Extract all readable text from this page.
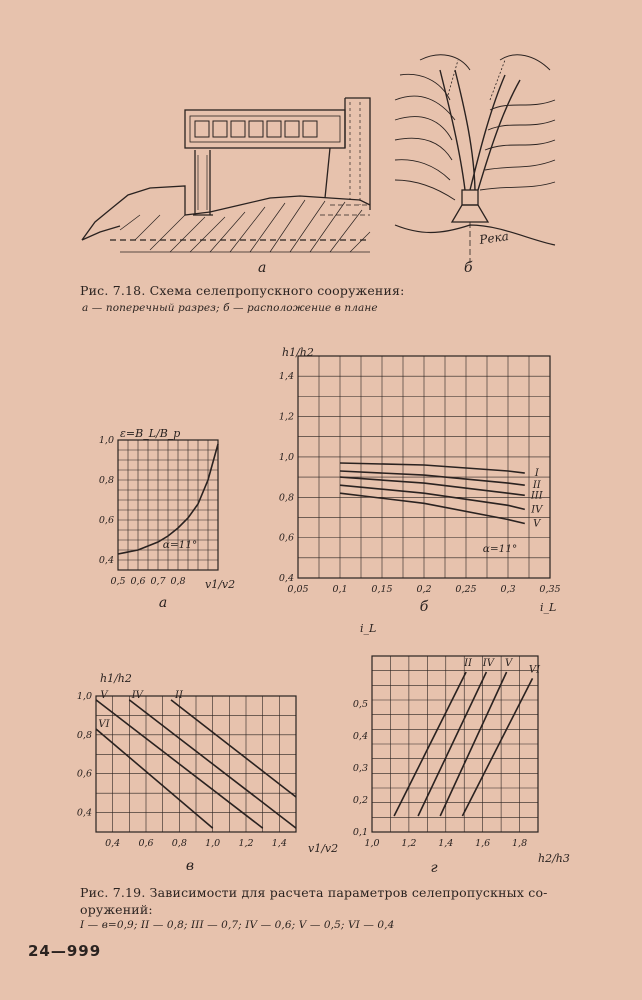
Река
а	б
Рис. 7.18. Схема селепропускного сооружения:
а — поперечный разрез; б — расположение в плане
0,5 0,6 0,7 0,8
1,0
0,8
0,6
0,4
ε=B_L/B_p
v1/v2
а
α=11°
0,05	0,1	0,15	0,2	0,25	0,3	0,35
1,4
1,2
1,0
0,8
0,6
0,4
I
II
III
IV
V
h1/h2
i_L
б
α=11°
0,4 0,6 0,8 1,0 1,2 1,4
1,0
0,8
0,6
0,4
V IV	II
VI
h1/h2
v1/v2
в
1,0 1,2 1,4 1,6 1,8
0,5
0,4
0,3
0,2
0,1
II IV V
VI
i_L
h2/h3
г
Рис. 7.19. Зависимости для расчета параметров селепропускных со-
оружений:
I — в=0,9; II — 0,8; III — 0,7; IV — 0,6; V — 0,5; VI — 0,4
24—999
